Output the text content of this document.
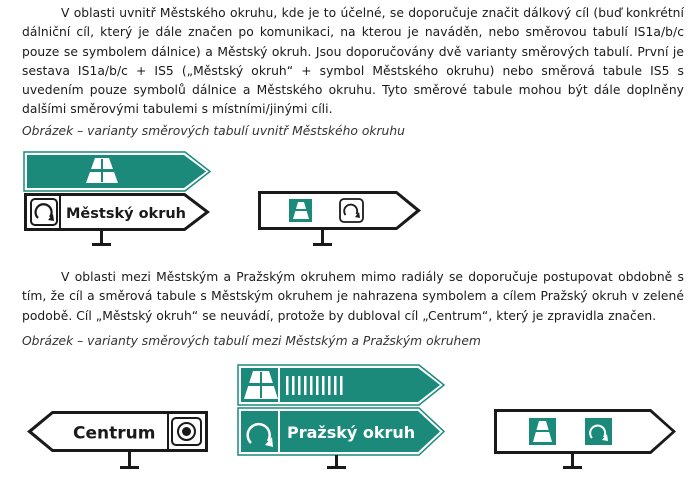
V oblasti uvnitř Městského okruhu, kde je to účelné, se doporučuje značit dálkový cíl (buď konkrétní dálniční cíl, který je dále značen po komunikaci, na kterou je naváděn, nebo směrovou tabulí IS1a/b/c pouze se symbolem dálnice) a Městský okruh. Jsou doporučovány dvě varianty směrových tabulí. První je sestava IS1a/b/c + IS5 („Městský okruh“ + symbol Městského okruhu) nebo směrová tabule IS5 s uvedením pouze symbolů dálnice a Městského okruhu. Tyto směrové tabule mohou být dále doplněny dalšími směrovými tabulemi s místními/jinými cíli.

Obrázek – varianty směrových tabulí uvnitř Městského okruhu

Městský okruh

V oblasti mezi Městským a Pražským okruhem mimo radiály se doporučuje postupovat obdobně s tím, že cíl a směrová tabule s Městským okruhem je nahrazena symbolem a cílem Pražský okruh v zelené podobě. Cíl „Městský okruh“ se neuvádí, protože by dubloval cíl „Centrum“, který je zpravidla značen.

Obrázek – varianty směrových tabulí mezi Městským a Pražským okruhem

Centrum	Pražský okruh
